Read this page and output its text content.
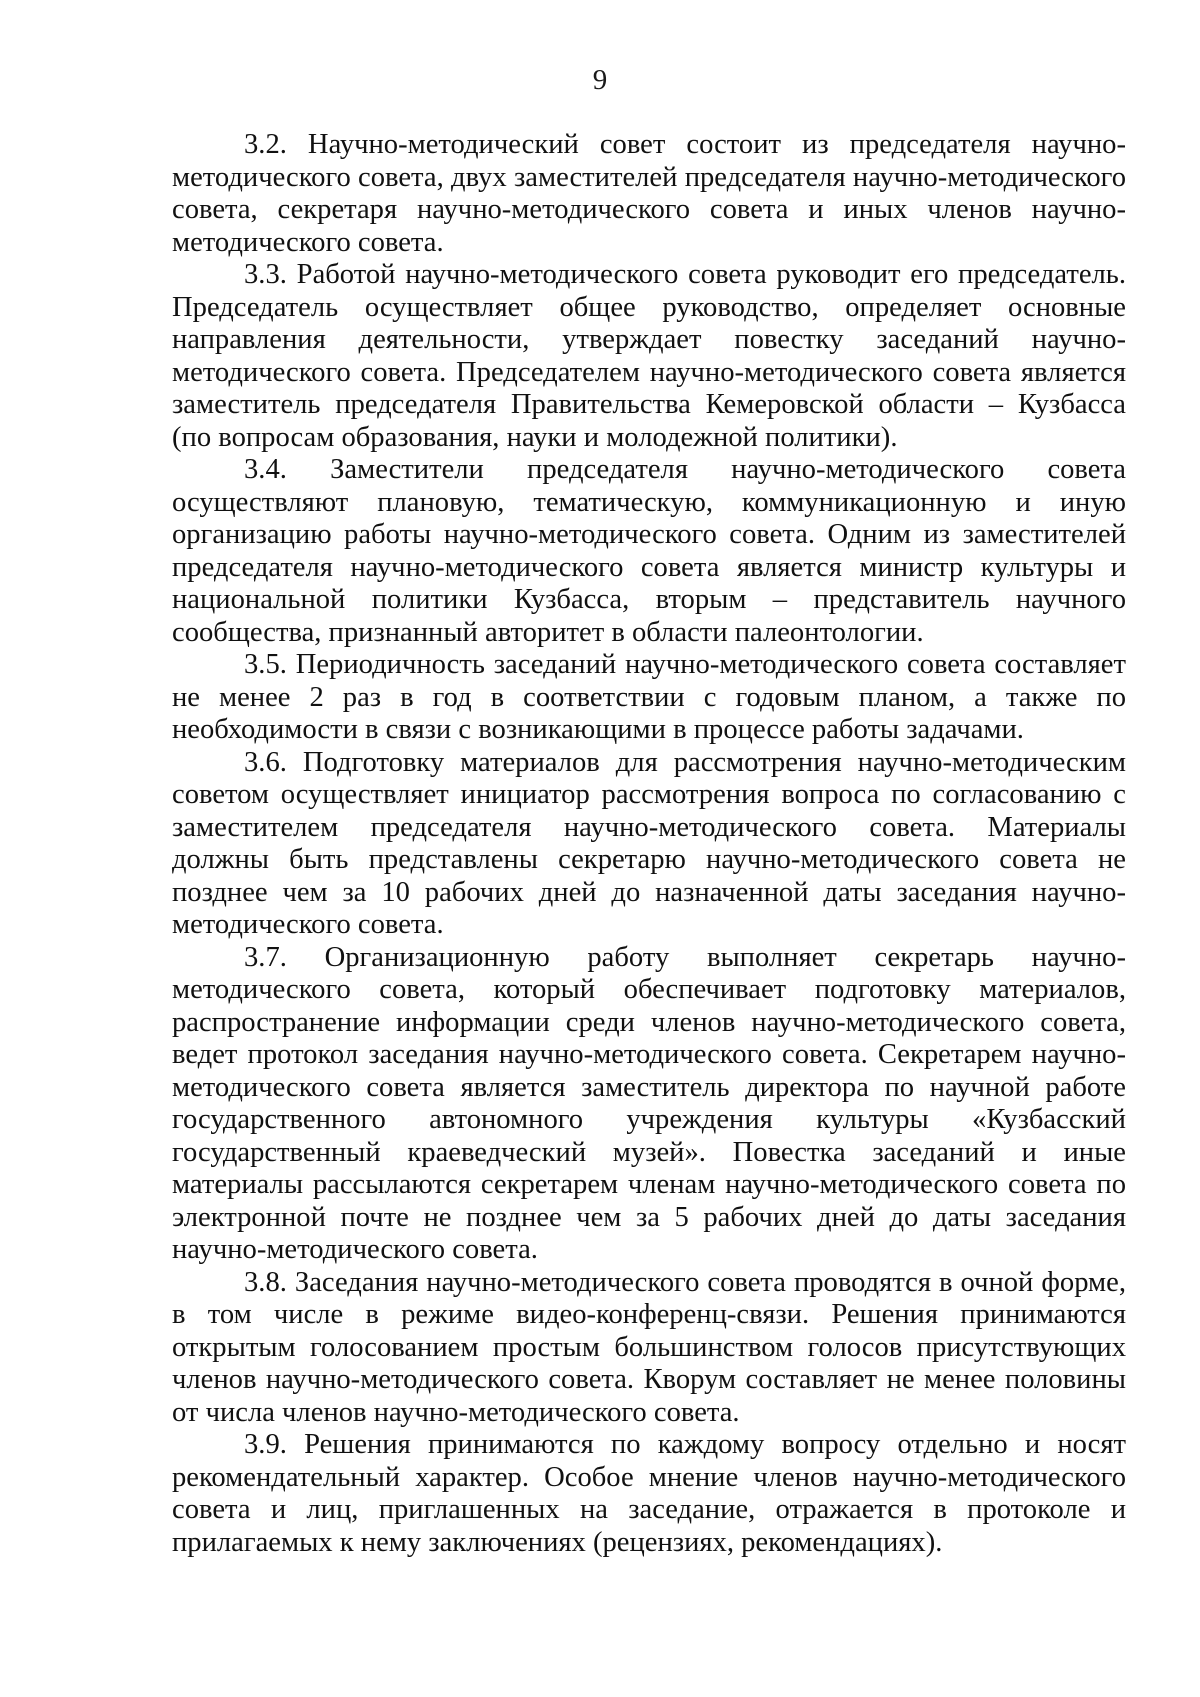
9

3.2. Научно-методический совет состоит из председателя научно-методического совета, двух заместителей председателя научно-методического совета, секретаря научно-методического совета и иных членов научно-методического совета.

3.3. Работой научно-методического совета руководит его председатель. Председатель осуществляет общее руководство, определяет основные направления деятельности, утверждает повестку заседаний научно-методического совета. Председателем научно-методического совета является заместитель председателя Правительства Кемеровской области – Кузбасса (по вопросам образования, науки и молодежной политики).

3.4. Заместители председателя научно-методического совета осуществляют плановую, тематическую, коммуникационную и иную организацию работы научно-методического совета. Одним из заместителей председателя научно-методического совета является министр культуры и национальной политики Кузбасса, вторым – представитель научного сообщества, признанный авторитет в области палеонтологии.

3.5. Периодичность заседаний научно-методического совета составляет не менее 2 раз в год в соответствии с годовым планом, а также по необходимости в связи с возникающими в процессе работы задачами.

3.6. Подготовку материалов для рассмотрения научно-методическим советом осуществляет инициатор рассмотрения вопроса по согласованию с заместителем председателя научно-методического совета. Материалы должны быть представлены секретарю научно-методического совета не позднее чем за 10 рабочих дней до назначенной даты заседания научно-методического совета.

3.7. Организационную работу выполняет секретарь научно-методического совета, который обеспечивает подготовку материалов, распространение информации среди членов научно-методического совета, ведет протокол заседания научно-методического совета. Секретарем научно-методического совета является заместитель директора по научной работе государственного автономного учреждения культуры «Кузбасский государственный краеведческий музей». Повестка заседаний и иные материалы рассылаются секретарем членам научно-методического совета по электронной почте не позднее чем за 5 рабочих дней до даты заседания научно-методического совета.

3.8. Заседания научно-методического совета проводятся в очной форме, в том числе в режиме видео-конференц-связи. Решения принимаются открытым голосованием простым большинством голосов присутствующих членов научно-методического совета. Кворум составляет не менее половины от числа членов научно-методического совета.

3.9. Решения принимаются по каждому вопросу отдельно и носят рекомендательный характер. Особое мнение членов научно-методического совета и лиц, приглашенных на заседание, отражается в протоколе и прилагаемых к нему заключениях (рецензиях, рекомендациях).
